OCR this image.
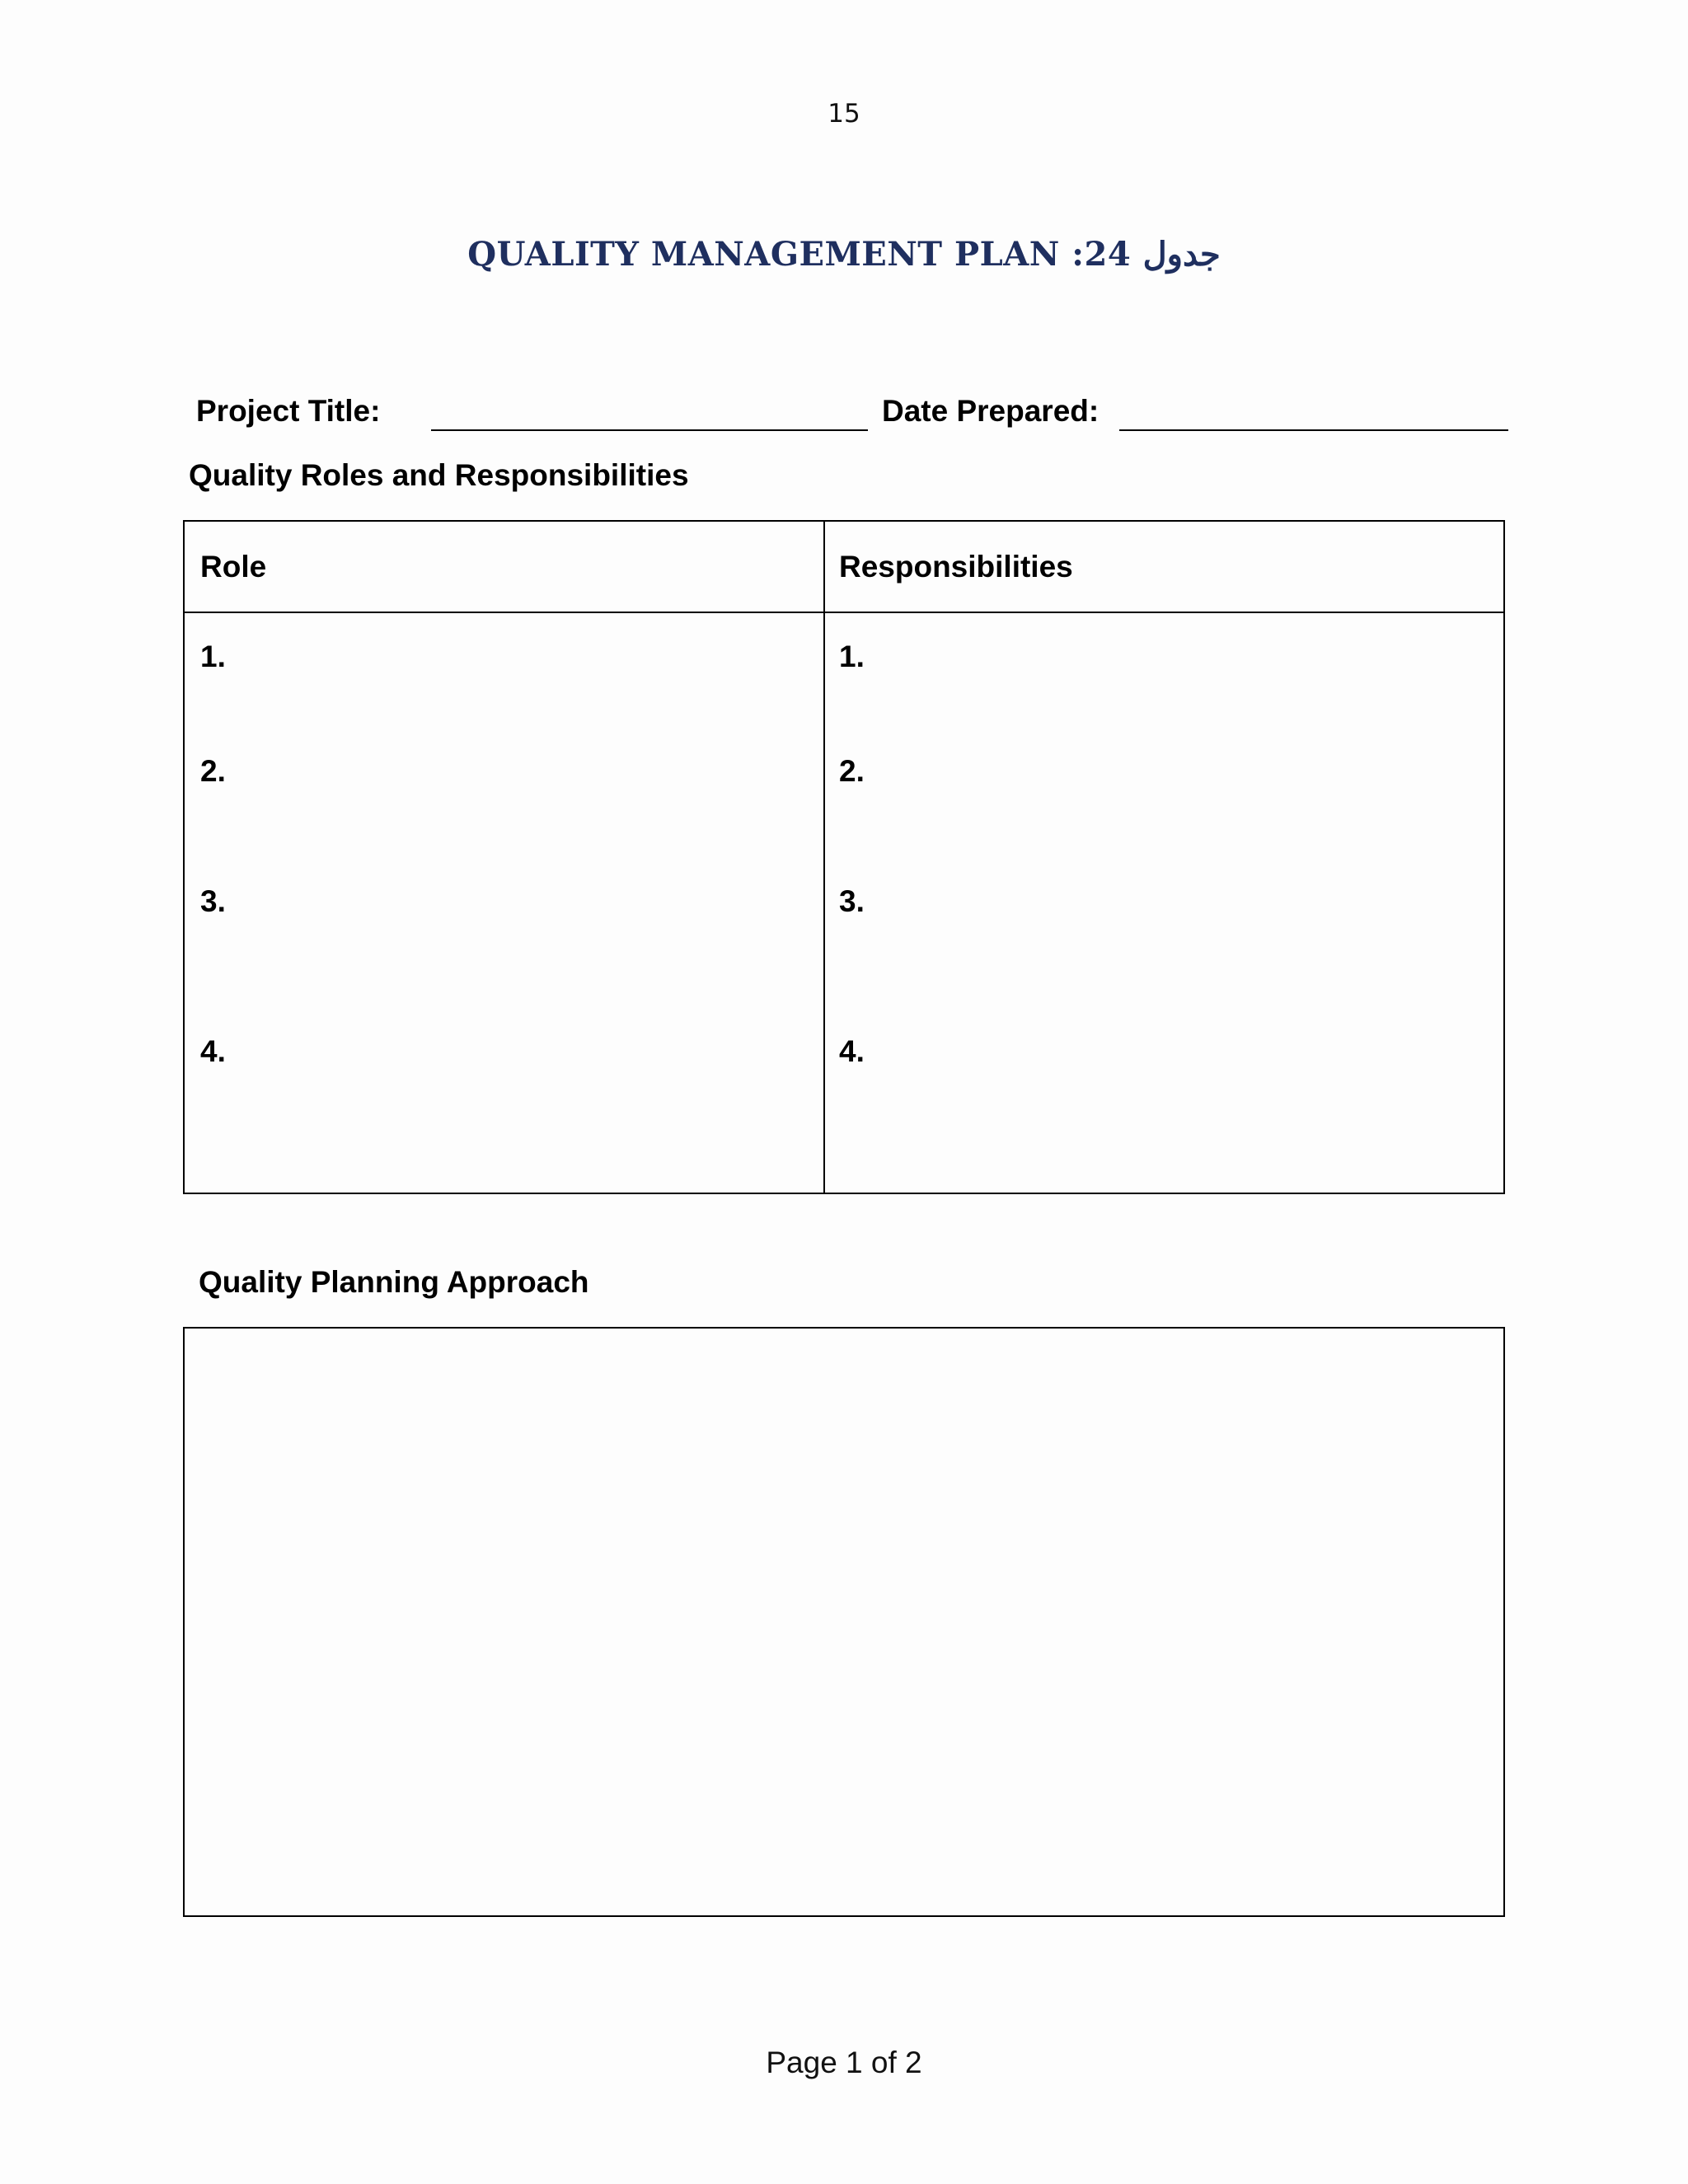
15
QUALITY MANAGEMENT PLAN :24 جدول
Project Title:	Date Prepared:
Quality Roles and Responsibilities
Role	Responsibilities
1.	1.
2.	2.
3.	3.
4.	4.
Quality Planning Approach
Page 1 of 2
